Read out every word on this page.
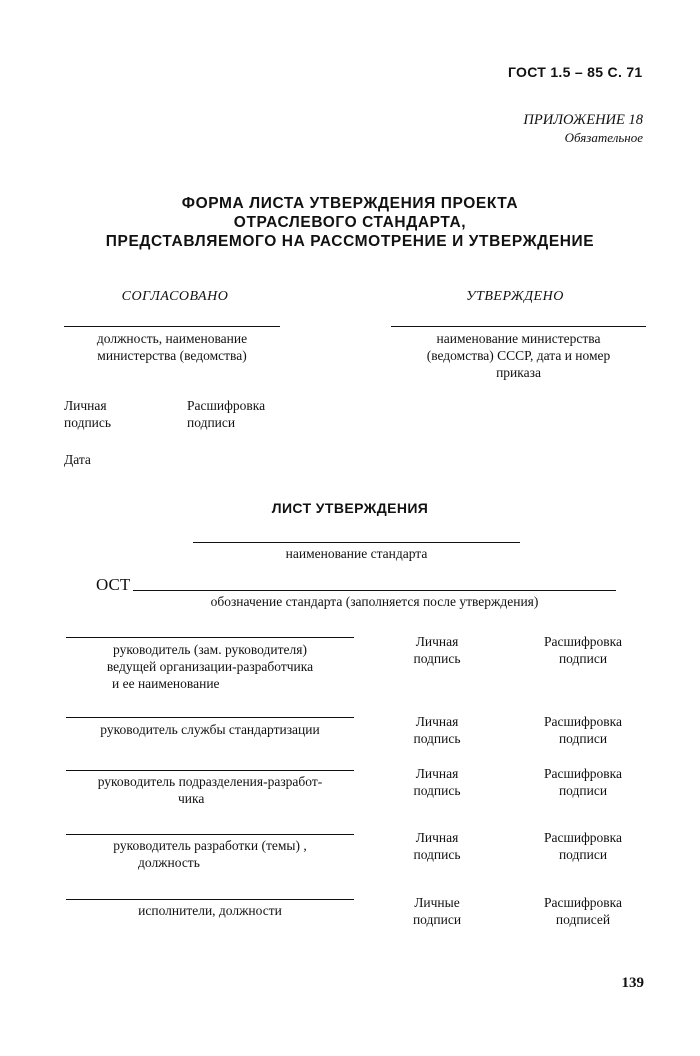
ГОСТ 1.5 – 85 С. 71
ПРИЛОЖЕНИЕ 18
Обязательное
ФОРМА ЛИСТА УТВЕРЖДЕНИЯ ПРОЕКТА
ОТРАСЛЕВОГО СТАНДАРТА,
ПРЕДСТАВЛЯЕМОГО НА РАССМОТРЕНИЕ И УТВЕРЖДЕНИЕ
СОГЛАСОВАНО	УТВЕРЖДЕНО
должность, наименование
министерства (ведомства)
наименование министерства
(ведомства) СССР, дата и номер
приказа
Личная
подпись
Расшифровка
подписи
Дата
ЛИСТ УТВЕРЖДЕНИЯ
наименование стандарта
ОСТ
обозначение стандарта (заполняется после утверждения)
руководитель (зам. руководителя)
ведущей организации-разработчика
и ее наименование
Личная
подпись
Расшифровка
подписи
руководитель службы стандартизации
Личная
подпись
Расшифровка
подписи
руководитель подразделения-разработ-
чика
Личная
подпись
Расшифровка
подписи
руководитель разработки (темы) ,
должность
Личная
подпись
Расшифровка
подписи
исполнители, должности
Личные
подписи
Расшифровка
подписей
139
